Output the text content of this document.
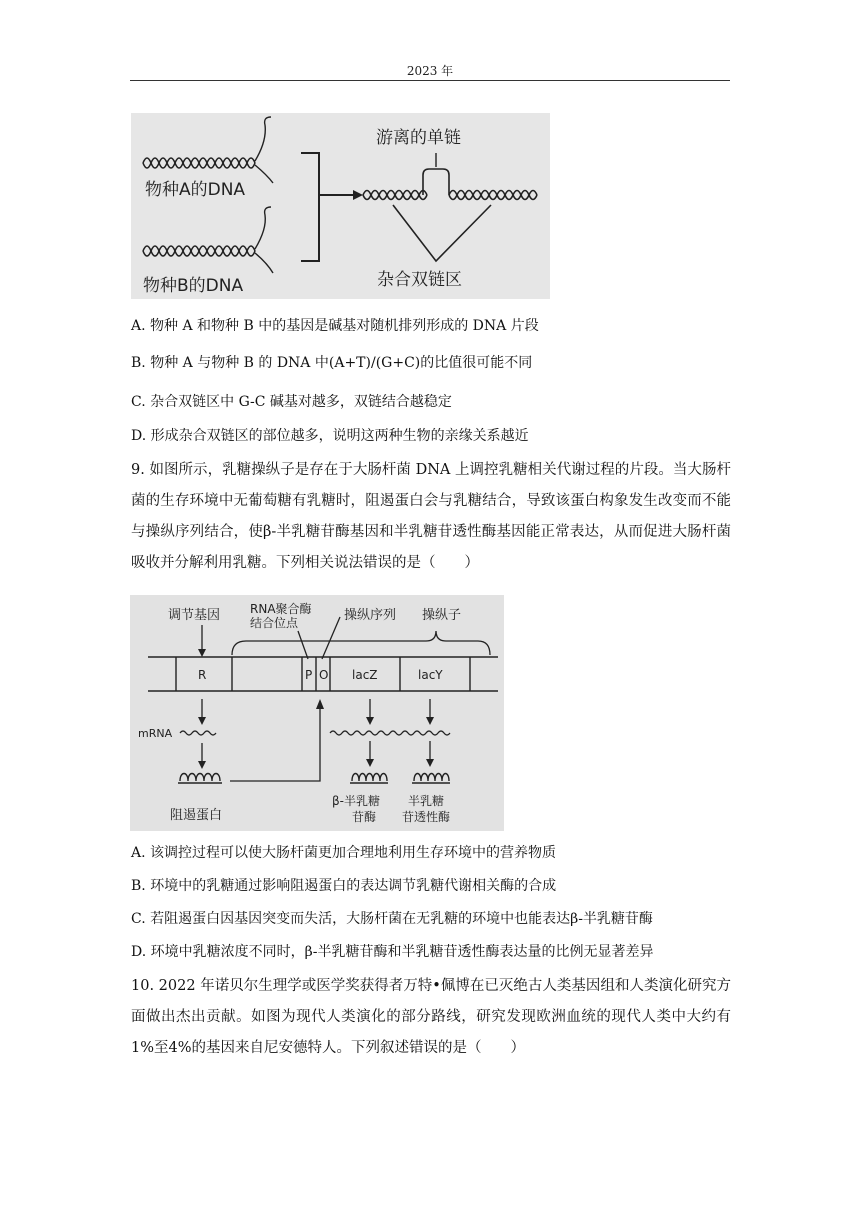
2023 年
物种A的DNA
物种B的DNA
游离的单链
杂合双链区
A. 物种 A 和物种 B 中的基因是碱基对随机排列形成的 DNA 片段
B. 物种 A 与物种 B 的 DNA 中(A+T)/(G+C)的比值很可能不同
C. 杂合双链区中 G-C 碱基对越多，双链结合越稳定
D. 形成杂合双链区的部位越多，说明这两种生物的亲缘关系越近
9. 如图所示，乳糖操纵子是存在于大肠杆菌 DNA 上调控乳糖相关代谢过程的片段。当大肠杆菌的生存环境中无葡萄糖有乳糖时，阻遏蛋白会与乳糖结合，导致该蛋白构象发生改变而不能与操纵序列结合，使β-半乳糖苷酶基因和半乳糖苷透性酶基因能正常表达，从而促进大肠杆菌吸收并分解利用乳糖。下列相关说法错误的是（　　）
调节基因 RNA聚合酶
结合位点	操纵序列 操纵子
R	P O lacZ	lacY
mRNA
阻遏蛋白
β-半乳糖
苷酶
半乳糖
苷透性酶
A. 该调控过程可以使大肠杆菌更加合理地利用生存环境中的营养物质
B. 环境中的乳糖通过影响阻遏蛋白的表达调节乳糖代谢相关酶的合成
C. 若阻遏蛋白因基因突变而失活，大肠杆菌在无乳糖的环境中也能表达β-半乳糖苷酶
D. 环境中乳糖浓度不同时，β-半乳糖苷酶和半乳糖苷透性酶表达量的比例无显著差异
10. 2022 年诺贝尔生理学或医学奖获得者万特•佩博在已灭绝古人类基因组和人类演化研究方面做出杰出贡献。如图为现代人类演化的部分路线，研究发现欧洲血统的现代人类中大约有1%至4%的基因来自尼安德特人。下列叙述错误的是（　　）
